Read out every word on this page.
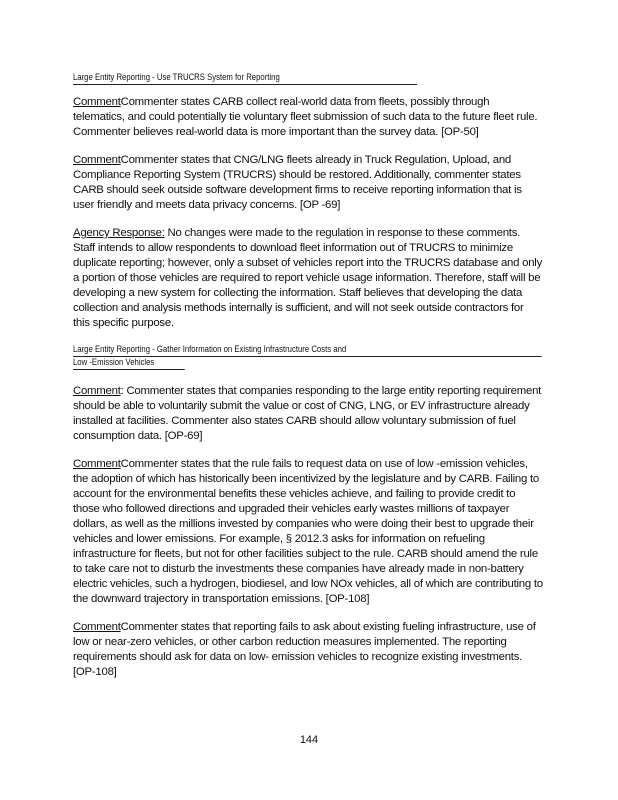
Large Entity Reporting - Use TRUCRS System for Reporting

CommentCommenter states CARB collect real-world data from fleets, possibly through telematics, and could potentially tie voluntary fleet submission of such data to the future fleet rule. Commenter believes real-world data is more important than the survey data. [OP-50]

CommentCommenter states that CNG/LNG fleets already in Truck Regulation, Upload, and Compliance Reporting System (TRUCRS) should be restored. Additionally, commenter states CARB should seek outside software development firms to receive reporting information that is user friendly and meets data privacy concerns. [OP -69]

Agency Response: No changes were made to the regulation in response to these comments. Staff intends to allow respondents to download fleet information out of TRUCRS to minimize duplicate reporting; however, only a subset of vehicles report into the TRUCRS database and only a portion of those vehicles are required to report vehicle usage information. Therefore, staff will be developing a new system for collecting the information. Staff believes that developing the data collection and analysis methods internally is sufficient, and will not seek outside contractors for this specific purpose.

Large Entity Reporting - Gather Information on Existing Infrastructure Costs and
Low -Emission Vehicles

Comment: Commenter states that companies responding to the large entity reporting requirement should be able to voluntarily submit the value or cost of CNG, LNG, or EV infrastructure already installed at facilities. Commenter also states CARB should allow voluntary submission of fuel consumption data. [OP-69]

CommentCommenter states that the rule fails to request data on use of low -emission vehicles, the adoption of which has historically been incentivized by the legislature and by CARB. Failing to account for the environmental benefits these vehicles achieve, and failing to provide credit to those who followed directions and upgraded their vehicles early wastes millions of taxpayer dollars, as well as the millions invested by companies who were doing their best to upgrade their vehicles and lower emissions. For example, § 2012.3 asks for information on refueling infrastructure for fleets, but not for other facilities subject to the rule. CARB should amend the rule to take care not to disturb the investments these companies have already made in non-battery electric vehicles, such a hydrogen, biodiesel, and low NOx vehicles, all of which are contributing to the downward trajectory in transportation emissions. [OP-108]

CommentCommenter states that reporting fails to ask about existing fueling infrastructure, use of low or near-zero vehicles, or other carbon reduction measures implemented. The reporting requirements should ask for data on low- emission vehicles to recognize existing investments. [OP-108]

144
